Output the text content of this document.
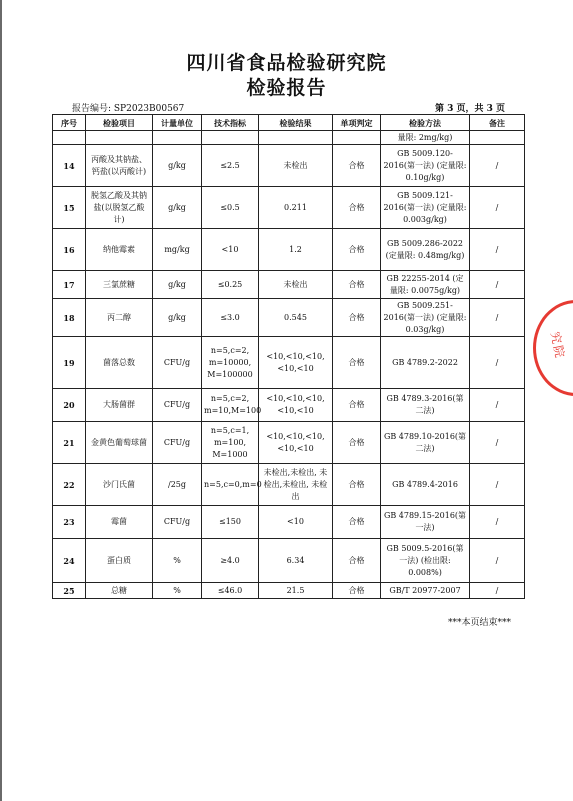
四川省食品检验研究院
检验报告
报告编号: SP2023B00567	第 3 页，共 3 页
序号	检验项目	计量单位	技术指标	检验结果	单项判定	检验方法	备注
						量限: 2mg/kg)	
14	丙酸及其钠盐、钙盐(以丙酸计)	g/kg	≤2.5	未检出	合格	GB 5009.120-2016(第一法) (定量限: 0.10g/kg)	/
15	脱氢乙酸及其钠盐(以脱氢乙酸计)	g/kg	≤0.5	0.211	合格	GB 5009.121-2016(第一法) (定量限: 0.003g/kg)	/
16	纳他霉素	mg/kg	<10	1.2	合格	GB 5009.286-2022 (定量限: 0.48mg/kg)	/
17	三氯蔗糖	g/kg	≤0.25	未检出	合格	GB 22255-2014 (定量限: 0.0075g/kg)	/
18	丙二醇	g/kg	≤3.0	0.545	合格	GB 5009.251-2016(第一法) (定量限: 0.03g/kg)	/
19	菌落总数	CFU/g	n=5,c=2, m=10000, M=100000	<10,<10,<10, <10,<10	合格	GB 4789.2-2022	/
20	大肠菌群	CFU/g	n=5,c=2, m=10,M=100	<10,<10,<10, <10,<10	合格	GB 4789.3-2016(第二法)	/
21	金黄色葡萄球菌	CFU/g	n=5,c=1, m=100, M=1000	<10,<10,<10, <10,<10	合格	GB 4789.10-2016(第二法)	/
22	沙门氏菌	/25g	n=5,c=0,m=0	未检出,未检出, 未检出,未检出, 未检出	合格	GB 4789.4-2016	/
23	霉菌	CFU/g	≤150	<10	合格	GB 4789.15-2016(第一法)	/
24	蛋白质	%	≥4.0	6.34	合格	GB 5009.5-2016(第一法) (检出限: 0.008%)	/
25	总糖	%	≤46.0	21.5	合格	GB/T 20977-2007	/
***本页结束***
究院
